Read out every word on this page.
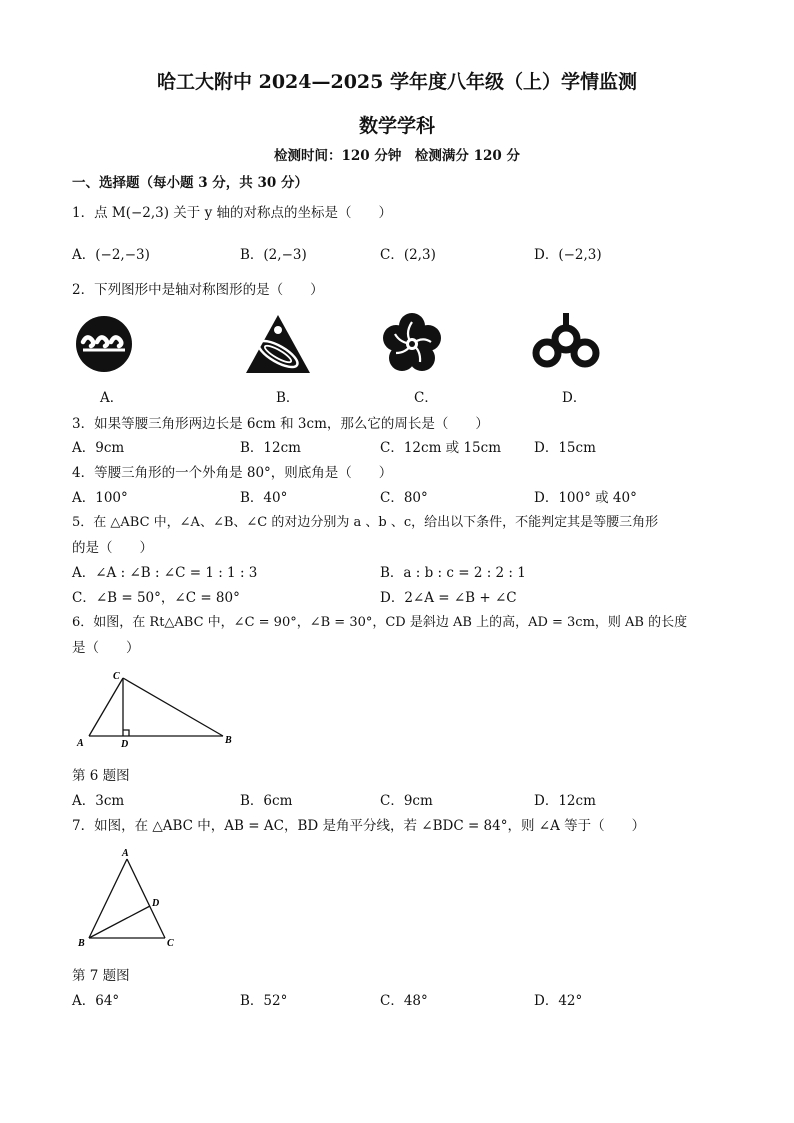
哈工大附中 2024—2025 学年度八年级（上）学情监测
数学学科
检测时间：120 分钟　检测满分 120 分
一、选择题（每小题 3 分，共 30 分）
1．点 M(−2,3) 关于 y 轴的对称点的坐标是（　　）
A．(−2,−3)	B．(2,−3)	C．(2,3)	D．(−2,3)
2．下列图形中是轴对称图形的是（　　）
A．	B．	C．	D．
3．如果等腰三角形两边长是 6cm 和 3cm，那么它的周长是（　　）
A．9cm	B．12cm	C．12cm 或 15cm D．15cm
4．等腰三角形的一个外角是 80°，则底角是（　　）
A．100°	B．40°	C．80°	D．100° 或 40°
5．在 △ABC 中，∠A、∠B、∠C 的对边分别为 a 、b 、c，给出以下条件，不能判定其是等腰三角形
的是（　　）
A．∠A : ∠B : ∠C = 1 : 1 : 3	B．a : b : c = 2 : 2 : 1
C．∠B = 50°，∠C = 80°	D．2∠A = ∠B + ∠C
6．如图，在 Rt△ABC 中，∠C = 90°，∠B = 30°，CD 是斜边 AB 上的高，AD = 3cm，则 AB 的长度
是（　　）
A	B
C
D
第 6 题图
A．3cm	B．6cm	C．9cm	D．12cm
7．如图，在 △ABC 中，AB = AC，BD 是角平分线，若 ∠BDC = 84°，则 ∠A 等于（　　）
A
B	C
D
第 7 题图
A．64°	B．52°	C．48°	D．42°
